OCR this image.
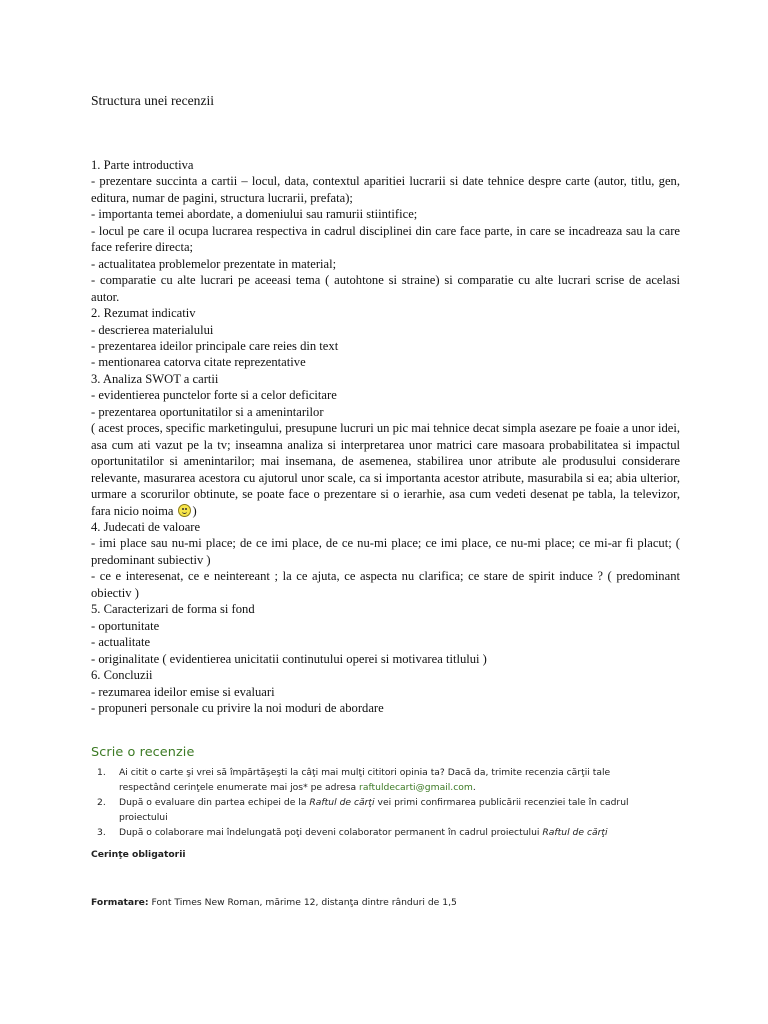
Structura unei recenzii

1. Parte introductiva

- prezentare succinta a cartii – locul, data, contextul aparitiei lucrarii si date tehnice despre carte (autor, titlu, gen, editura, numar de pagini, structura lucrarii, prefata);

- importanta temei abordate, a domeniului sau ramurii stiintifice;

- locul pe care il ocupa lucrarea respectiva in cadrul disciplinei din care face parte, in care se incadreaza sau la care face referire directa;

- actualitatea problemelor prezentate in material;

- comparatie cu alte lucrari pe aceeasi tema ( autohtone si straine) si comparatie cu alte lucrari scrise de acelasi autor.

2. Rezumat indicativ

- descrierea materialului

- prezentarea ideilor principale care reies din text

- mentionarea catorva citate reprezentative

3. Analiza SWOT a cartii

- evidentierea punctelor forte si a celor deficitare

- prezentarea oportunitatilor si a amenintarilor

( acest proces, specific marketingului, presupune lucruri un pic mai tehnice decat simpla asezare pe foaie a unor idei, asa cum ati vazut pe la tv; inseamna analiza si interpretarea unor matrici care masoara probabilitatea si impactul oportunitatilor si amenintarilor; mai insemana, de asemenea, stabilirea unor atribute ale produsului considerare relevante, masurarea acestora cu ajutorul unor scale, ca si importanta acestor atribute, masurabila si ea; abia ulterior, urmare a scorurilor obtinute, se poate face o prezentare si o ierarhie, asa cum vedeti desenat pe tabla, la televizor, fara nicio noima )

4. Judecati de valoare

- imi place sau nu-mi place; de ce imi place, de ce nu-mi place; ce imi place, ce nu-mi place; ce mi-ar fi placut; ( predominant subiectiv )

- ce e interesenat, ce e neintereant ; la ce ajuta, ce aspecta nu clarifica; ce stare de spirit induce ? ( predominant obiectiv )

5. Caracterizari de forma si fond

- oportunitate

- actualitate

- originalitate ( evidentierea unicitatii continutului operei si motivarea titlului )

6. Concluzii

- rezumarea ideilor emise si evaluari

- propuneri personale cu privire la noi moduri de abordare

Scrie o recenzie
1.	Ai citit o carte şi vrei să împărtăşeşti la câţi mai mulţi cititori opinia ta? Dacă da, trimite recenzia cărţii tale respectând cerinţele enumerate mai jos* pe adresa raftuldecarti@gmail.com.
2.	După o evaluare din partea echipei de la Raftul de cărţi vei primi confirmarea publicării recenziei tale în cadrul proiectului
3.	După o colaborare mai îndelungată poţi deveni colaborator permanent în cadrul proiectului Raftul de cărţi
Cerinţe obligatorii
Formatare: Font Times New Roman, mărime 12, distanţa dintre rânduri de 1,5
